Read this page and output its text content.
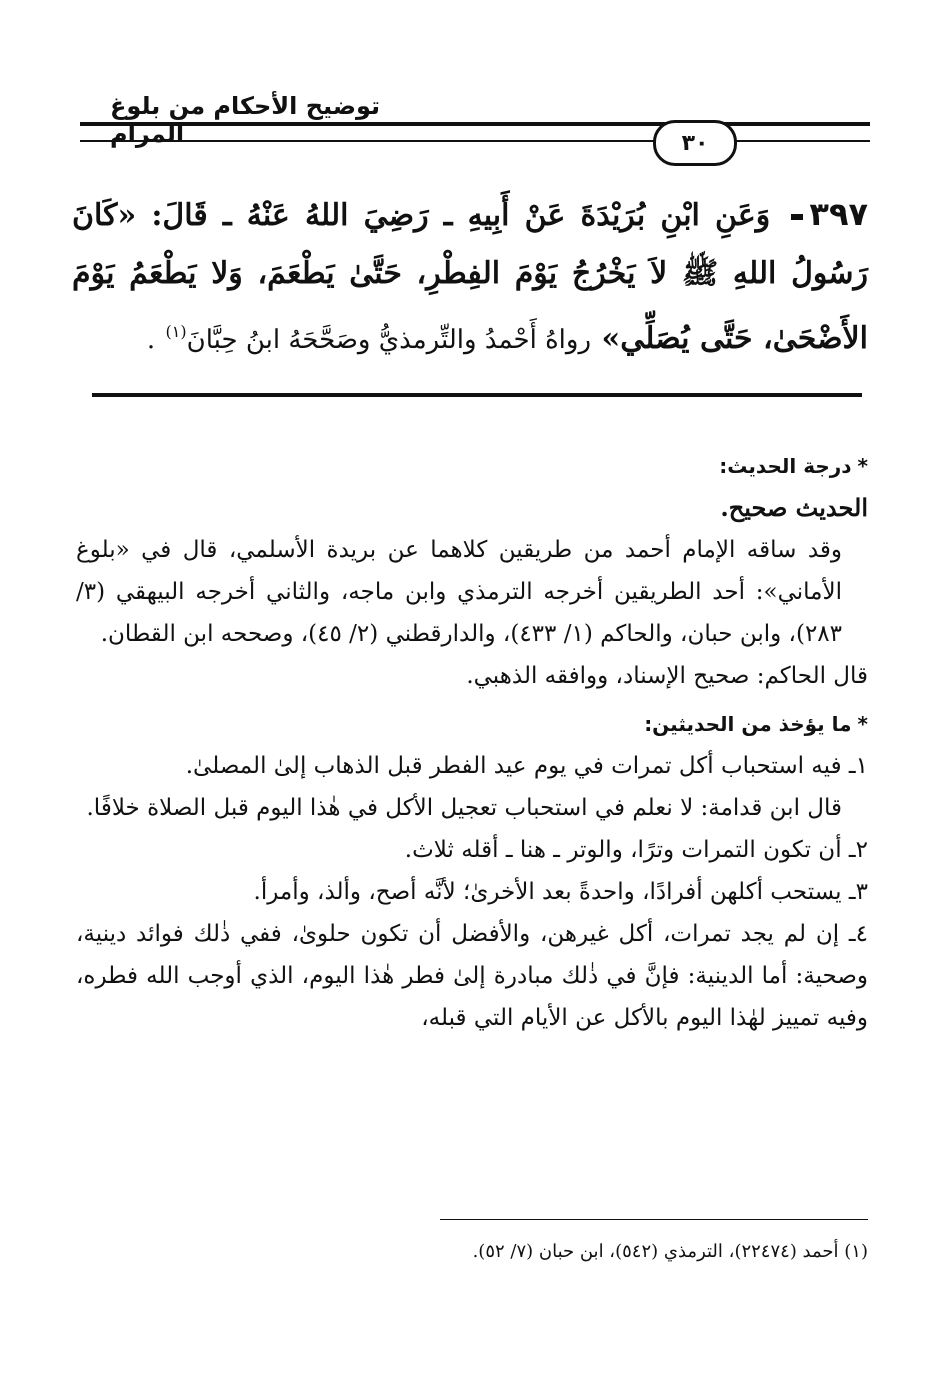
توضيح الأحكام من بلوغ المرام	٣٠
٣٩٧ وَعَنِ ابْنِ بُرَيْدَةَ عَنْ أَبِيهِ ـ رَضِيَ اللهُ عَنْهُ ـ قَالَ: «كَانَ رَسُولُ اللهِ ﷺ لاَ يَخْرُجُ يَوْمَ الفِطْرِ، حَتَّىٰ يَطْعَمَ، وَلا يَطْعَمُ يَوْمَ الأَضْحَىٰ، حَتَّى يُصَلِّي» رواهُ أَحْمدُ والتِّرمذيُّ وصَحَّحَهُ ابنُ حِبَّانَ$^{(١)}$ .

*درجة الحديث:

الحديث صحيح.

وقد ساقه الإمام أحمد من طريقين كلاهما عن بريدة الأسلمي، قال في «بلوغ الأماني»: أحد الطريقين أخرجه الترمذي وابن ماجه، والثاني أخرجه البيهقي (٣/ ٢٨٣)، وابن حبان، والحاكم (١/ ٤٣٣)، والدارقطني (٢/ ٤٥)، وصححه ابن القطان.

قال الحاكم: صحيح الإسناد، ووافقه الذهبي.

*ما يؤخذ من الحديثين:

١ـ فيه استحباب أكل تمرات في يوم عيد الفطر قبل الذهاب إلىٰ المصلىٰ.

قال ابن قدامة: لا نعلم في استحباب تعجيل الأكل في هٰذا اليوم قبل الصلاة خلافًا.

٢ـ أن تكون التمرات وترًا، والوتر ـ هنا ـ أقله ثلاث.

٣ـ يستحب أكلهن أفرادًا، واحدةً بعد الأخرىٰ؛ لأنَّه أصح، وألذ، وأمرأ.

٤ـ إن لم يجد تمرات، أكل غيرهن، والأفضل أن تكون حلوىٰ، ففي ذٰلك فوائد دينية، وصحية: أما الدينية: فإنَّ في ذٰلك مبادرة إلىٰ فطر هٰذا اليوم، الذي أوجب الله فطره، وفيه تمييز لهٰذا اليوم بالأكل عن الأيام التي قبله،

(١) أحمد (٢٢٤٧٤)، الترمذي (٥٤٢)، ابن حبان (٧/ ٥٢).
